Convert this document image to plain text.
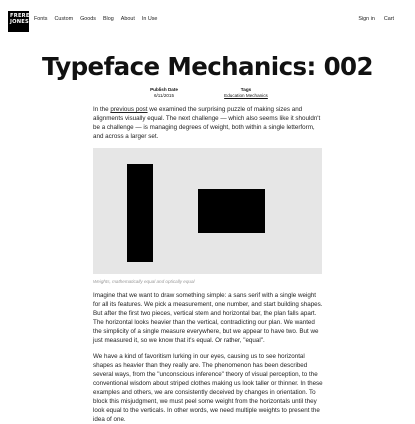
FRERE
JONES
Fonts Custom Goods Blog About In Use	Sign in Cart
Typeface Mechanics: 002
Publish Date
6/11/2015
Tags
Education Mechanics

In the previous post we examined the surprising puzzle of making sizes and alignments visually equal. The next challenge — which also seems like it shouldn't be a challenge — is managing degrees of weight, both within a single letterform, and across a larger set.

Weights, mathematically equal and optically equal

Imagine that we want to draw something simple: a sans serif with a single weight for all its features. We pick a measurement, one number, and start building shapes. But after the first two pieces, vertical stem and horizontal bar, the plan falls apart. The horizontal looks heavier than the vertical, contradicting our plan. We wanted the simplicity of a single measure everywhere, but we appear to have two. But we just measured it, so we know that it's equal. Or rather, "equal".

We have a kind of favoritism lurking in our eyes, causing us to see horizontal shapes as heavier than they really are. The phenomenon has been described several ways, from the "unconscious inference" theory of visual perception, to the conventional wisdom about striped clothes making us look taller or thinner. In these examples and others, we are consistently deceived by changes in orientation. To block this misjudgment, we must peel some weight from the horizontals until they look equal to the verticals. In other words, we need multiple weights to present the idea of one.
